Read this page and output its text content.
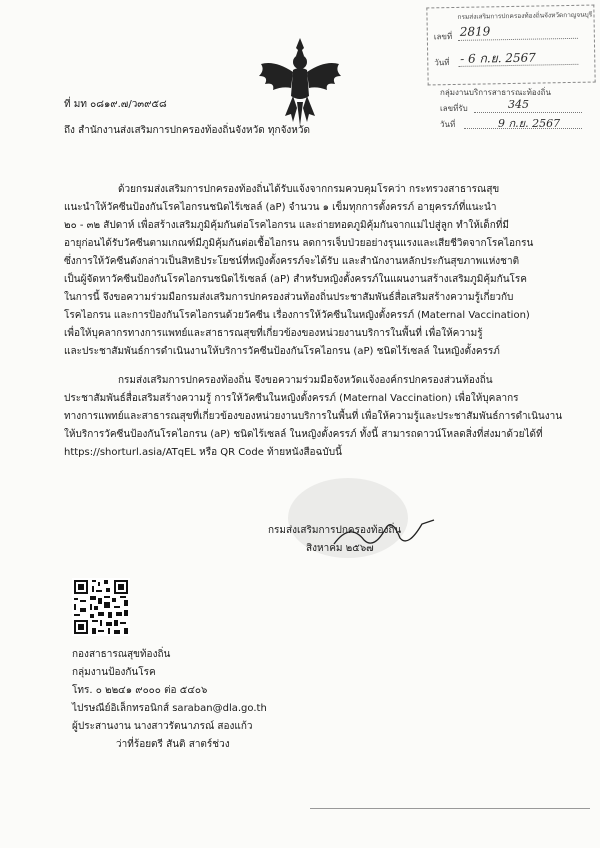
กรมส่งเสริมการปกครองท้องถิ่นจังหวัดกาญจนบุรี
เลขที่ 2819
วันที่ - 6 ก.ย. 2567
กลุ่มงานบริการสาธารณะท้องถิ่น
เลขที่รับ	345
วันที่	9 ก.ย. 2567
ที่ มท ๐๘๑๙.๗/ว๓๙๕๘
ถึง สำนักงานส่งเสริมการปกครองท้องถิ่นจังหวัด ทุกจังหวัด
ด้วยกรมส่งเสริมการปกครองท้องถิ่นได้รับแจ้งจากกรมควบคุมโรคว่า กระทรวงสาธารณสุข
แนะนำให้วัคซีนป้องกันโรคไอกรนชนิดไร้เซลล์ (aP) จำนวน ๑ เข็มทุกการตั้งครรภ์ อายุครรภ์ที่แนะนำ
๒๐ - ๓๒ สัปดาห์ เพื่อสร้างเสริมภูมิคุ้มกันต่อโรคไอกรน และถ่ายทอดภูมิคุ้มกันจากแม่ไปสู่ลูก ทำให้เด็กที่มี
อายุก่อนได้รับวัคซีนตามเกณฑ์มีภูมิคุ้มกันต่อเชื้อไอกรน ลดการเจ็บป่วยอย่างรุนแรงและเสียชีวิตจากโรคไอกรน
ซึ่งการให้วัคซีนดังกล่าวเป็นสิทธิประโยชน์ที่หญิงตั้งครรภ์จะได้รับ และสำนักงานหลักประกันสุขภาพแห่งชาติ
เป็นผู้จัดหาวัคซีนป้องกันโรคไอกรนชนิดไร้เซลล์ (aP) สำหรับหญิงตั้งครรภ์ในแผนงานสร้างเสริมภูมิคุ้มกันโรค
ในการนี้ จึงขอความร่วมมือกรมส่งเสริมการปกครองส่วนท้องถิ่นประชาสัมพันธ์สื่อเสริมสร้างความรู้เกี่ยวกับ
โรคไอกรน และการป้องกันโรคไอกรนด้วยวัคซีน เรื่องการให้วัคซีนในหญิงตั้งครรภ์ (Maternal Vaccination)
เพื่อให้บุคลากรทางการแพทย์และสาธารณสุขที่เกี่ยวข้องของหน่วยงานบริการในพื้นที่ เพื่อให้ความรู้
และประชาสัมพันธ์การดำเนินงานให้บริการวัคซีนป้องกันโรคไอกรน (aP) ชนิดไร้เซลล์ ในหญิงตั้งครรภ์
กรมส่งเสริมการปกครองท้องถิ่น จึงขอความร่วมมือจังหวัดแจ้งองค์กรปกครองส่วนท้องถิ่น
ประชาสัมพันธ์สื่อเสริมสร้างความรู้ การให้วัคซีนในหญิงตั้งครรภ์ (Maternal Vaccination) เพื่อให้บุคลากร
ทางการแพทย์และสาธารณสุขที่เกี่ยวข้องของหน่วยงานบริการในพื้นที่ เพื่อให้ความรู้และประชาสัมพันธ์การดำเนินงาน
ให้บริการวัคซีนป้องกันโรคไอกรน (aP) ชนิดไร้เซลล์ ในหญิงตั้งครรภ์ ทั้งนี้ สามารถดาวน์โหลดสิ่งที่ส่งมาด้วยได้ที่
https://shorturl.asia/ATqEL หรือ QR Code ท้ายหนังสือฉบับนี้
กรมส่งเสริมการปกครองท้องถิ่น
สิงหาคม ๒๕๖๗
กองสาธารณสุขท้องถิ่น
กลุ่มงานป้องกันโรค
โทร. ๐ ๒๒๔๑ ๙๐๐๐ ต่อ ๕๔๐๖
ไปรษณีย์อิเล็กทรอนิกส์ saraban@dla.go.th
ผู้ประสานงาน นางสาวรัตนาภรณ์ สองแก้ว
ว่าที่ร้อยตรี สันติ สาตร์ช่วง
